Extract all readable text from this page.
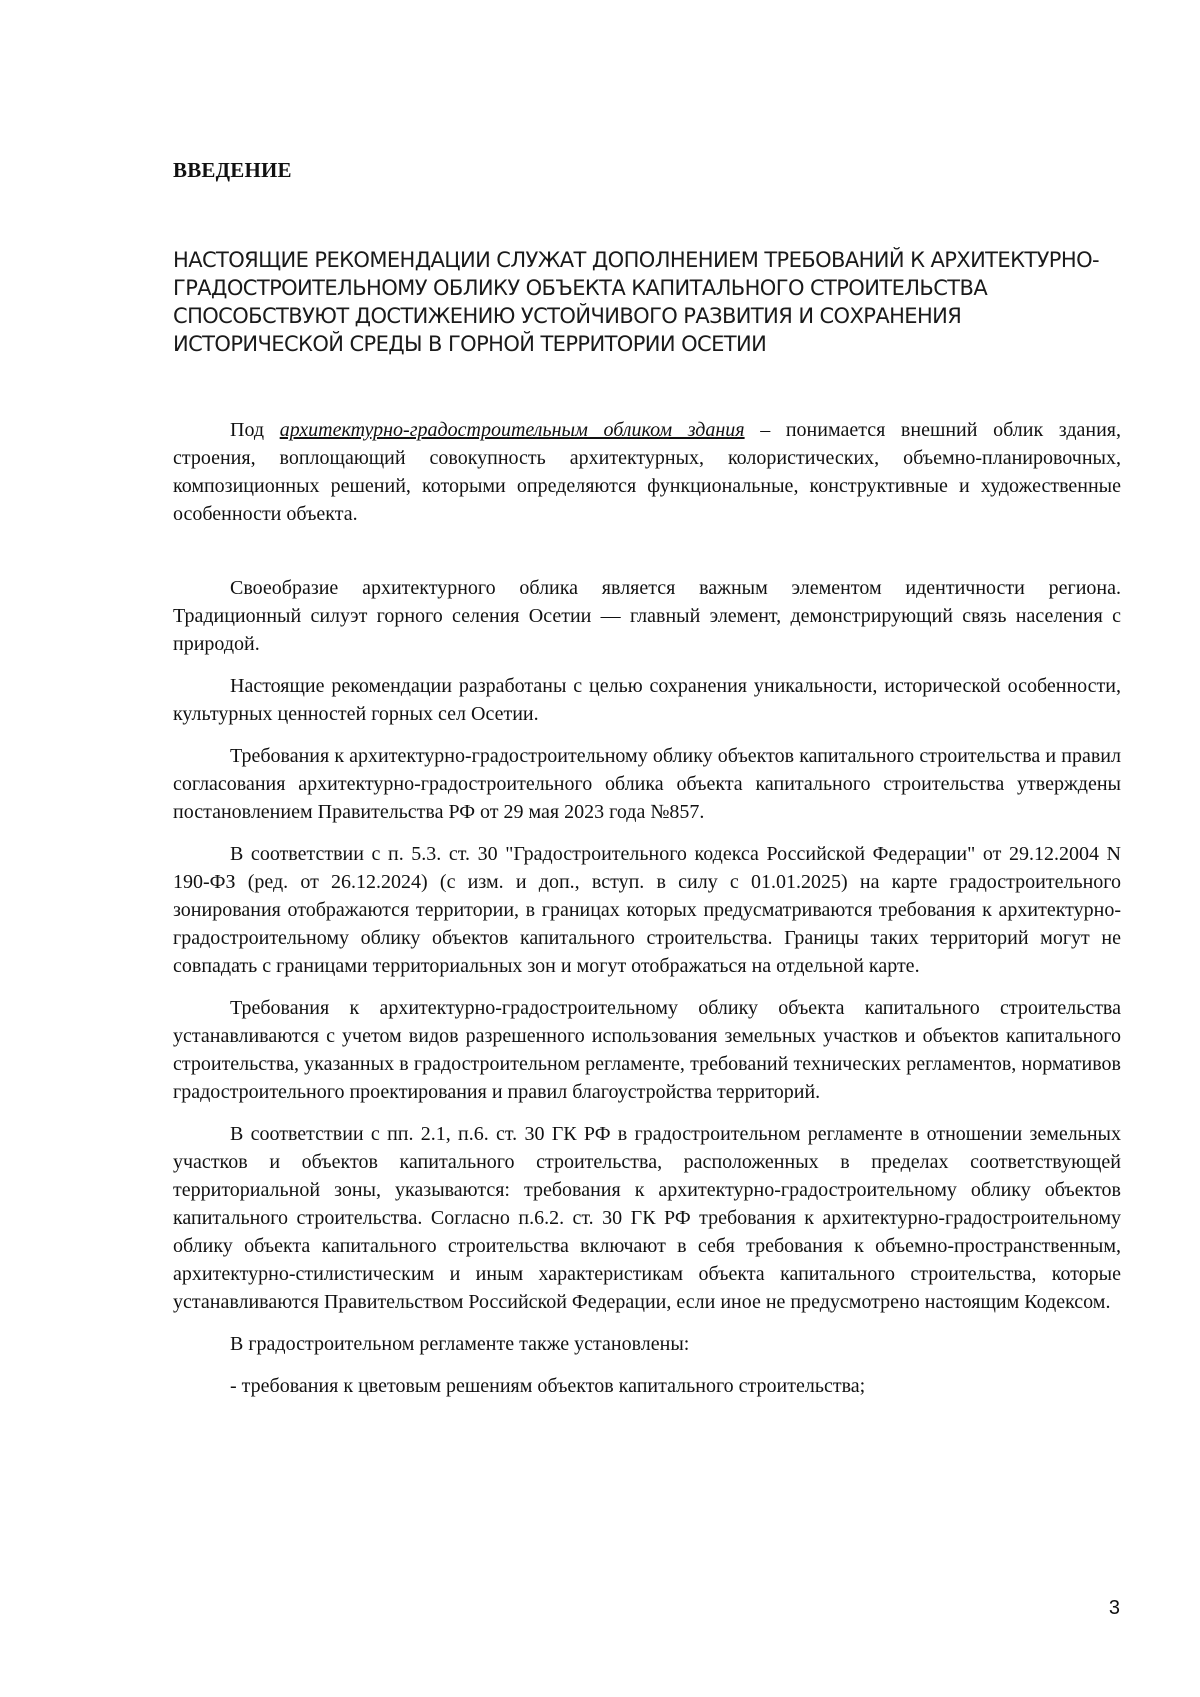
ВВЕДЕНИЕ
НАСТОЯЩИЕ РЕКОМЕНДАЦИИ СЛУЖАТ ДОПОЛНЕНИЕМ ТРЕБОВАНИЙ К АРХИТЕКТУРНО-ГРАДОСТРОИТЕЛЬНОМУ ОБЛИКУ ОБЪЕКТА КАПИТАЛЬНОГО СТРОИТЕЛЬСТВА СПОСОБСТВУЮТ ДОСТИЖЕНИЮ УСТОЙЧИВОГО РАЗВИТИЯ И СОХРАНЕНИЯ ИСТОРИЧЕСКОЙ СРЕДЫ В ГОРНОЙ ТЕРРИТОРИИ ОСЕТИИ

Под архитектурно-градостроительным обликом здания – понимается внешний облик здания, строения, воплощающий совокупность архитектурных, колористических, объемно-планировочных, композиционных решений, которыми определяются функциональные, конструктивные и художественные особенности объекта.

Своеобразие архитектурного облика является важным элементом идентичности региона. Традиционный силуэт горного селения Осетии — главный элемент, демонстрирующий связь населения с природой.

Настоящие рекомендации разработаны с целью сохранения уникальности, исторической особенности, культурных ценностей горных сел Осетии.

Требования к архитектурно-градостроительному облику объектов капитального строительства и правил согласования архитектурно-градостроительного облика объекта капитального строительства утверждены постановлением Правительства РФ от 29 мая 2023 года №857.

В соответствии с п. 5.3. ст. 30 "Градостроительного кодекса Российской Федерации" от 29.12.2004 N 190-ФЗ (ред. от 26.12.2024) (с изм. и доп., вступ. в силу с 01.01.2025) на карте градостроительного зонирования отображаются территории, в границах которых предусматриваются требования к архитектурно-градостроительному облику объектов капитального строительства. Границы таких территорий могут не совпадать с границами территориальных зон и могут отображаться на отдельной карте.

Требования к архитектурно-градостроительному облику объекта капитального строительства устанавливаются с учетом видов разрешенного использования земельных участков и объектов капитального строительства, указанных в градостроительном регламенте, требований технических регламентов, нормативов градостроительного проектирования и правил благоустройства территорий.

В соответствии с пп. 2.1, п.6. ст. 30 ГК РФ в градостроительном регламенте в отношении земельных участков и объектов капитального строительства, расположенных в пределах соответствующей территориальной зоны, указываются: требования к архитектурно-градостроительному облику объектов капитального строительства. Согласно п.6.2. ст. 30 ГК РФ требования к архитектурно-градостроительному облику объекта капитального строительства включают в себя требования к объемно-пространственным, архитектурно-стилистическим и иным характеристикам объекта капитального строительства, которые устанавливаются Правительством Российской Федерации, если иное не предусмотрено настоящим Кодексом.

В градостроительном регламенте также установлены:

- требования к цветовым решениям объектов капитального строительства;

3
